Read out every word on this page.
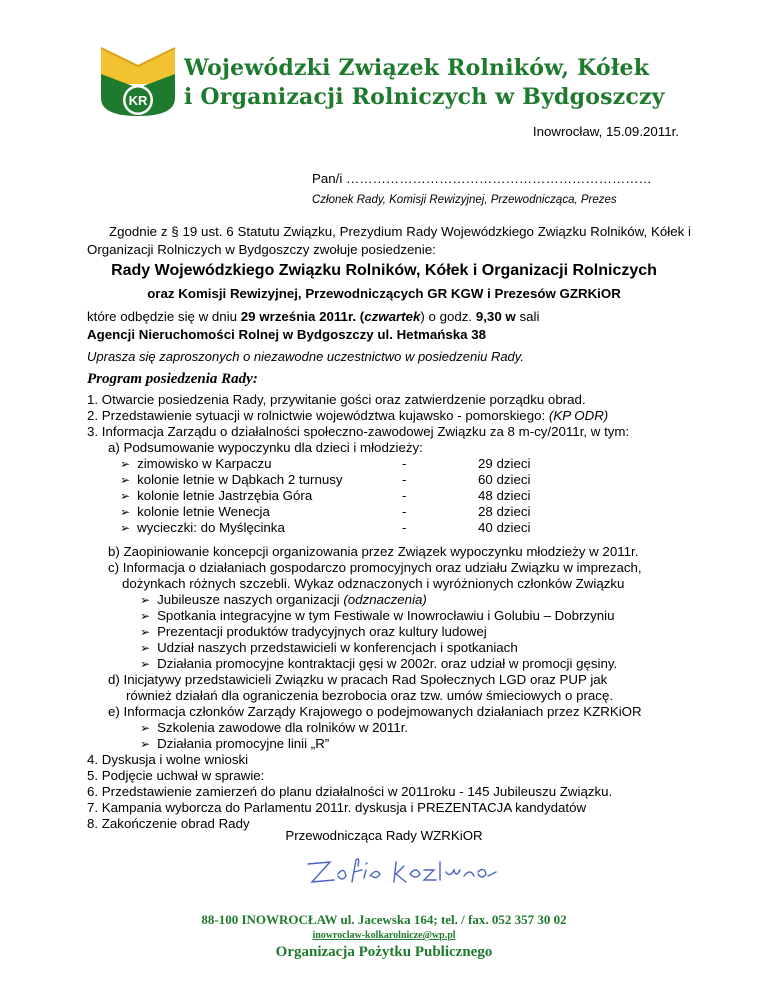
KR
Wojewódzki Związek Rolników, Kółek
i Organizacji Rolniczych w Bydgoszczy
Inowrocław, 15.09.2011r.
Pan/i ……………………………………………………………
Członek Rady, Komisji Rewizyjnej, Przewodnicząca, Prezes
Zgodnie z § 19 ust. 6 Statutu Związku, Prezydium Rady Wojewódzkiego Związku Rolników, Kółek i Organizacji Rolniczych w Bydgoszczy zwołuje posiedzenie:
Rady Wojewódzkiego Związku Rolników, Kółek i Organizacji Rolniczych
oraz Komisji Rewizyjnej, Przewodniczących GR KGW i Prezesów GZRKiOR
które odbędzie się w dniu 29 września 2011r. (czwartek) o godz. 9,30 w sali
Agencji Nieruchomości Rolnej w Bydgoszczy ul. Hetmańska 38
Uprasza się zaproszonych o niezawodne uczestnictwo w posiedzeniu Rady.
Program posiedzenia Rady:
1. Otwarcie posiedzenia Rady, przywitanie gości oraz zatwierdzenie porządku obrad.
2. Przedstawienie sytuacji w rolnictwie województwa kujawsko - pomorskiego: (KP ODR)
3. Informacja Zarządu o działalności społeczno-zawodowej Związku za 8 m-cy/2011r, w tym:
a) Podsumowanie wypoczynku dla dzieci i młodzieży:
➢ zimowisko w Karpaczu	-	29 dzieci
➢ kolonie letnie w Dąbkach 2 turnusy	-	60 dzieci
➢ kolonie letnie Jastrzębia Góra	-	48 dzieci
➢ kolonie letnie Wenecja	-	28 dzieci
➢ wycieczki: do Myślęcinka	-	40 dzieci
b) Zaopiniowanie koncepcji organizowania przez Związek wypoczynku młodzieży w 2011r.
c) Informacja o działaniach gospodarczo promocyjnych oraz udziału Związku w imprezach,
dożynkach różnych szczebli. Wykaz odznaczonych i wyróżnionych członków Związku
➢ Jubileusze naszych organizacji (odznaczenia)
➢ Spotkania integracyjne w tym Festiwale w Inowrocławiu i Golubiu – Dobrzyniu
➢ Prezentacji produktów tradycyjnych oraz kultury ludowej
➢ Udział naszych przedstawicieli w konferencjach i spotkaniach
➢ Działania promocyjne kontraktacji gęsi w 2002r. oraz udział w promocji gęsiny.
d) Inicjatywy przedstawicieli Związku w pracach Rad Społecznych LGD oraz PUP jak
również działań dla ograniczenia bezrobocia oraz tzw. umów śmieciowych o pracę.
e) Informacja członków Zarządy Krajowego o podejmowanych działaniach przez KZRKiOR
➢ Szkolenia zawodowe dla rolników w 2011r.
➢ Działania promocyjne linii „R”
4. Dyskusja i wolne wnioski
5. Podjęcie uchwał w sprawie:
6. Przedstawienie zamierzeń do planu działalności w 2011roku - 145 Jubileuszu Związku.
7. Kampania wyborcza do Parlamentu 2011r. dyskusja i PREZENTACJA kandydatów
8. Zakończenie obrad Rady
Przewodnicząca Rady WZRKiOR
88-100 INOWROCŁAW ul. Jacewska 164; tel. / fax. 052 357 30 02
inowroclaw-kolkarolnicze@wp.pl
Organizacja Pożytku Publicznego
